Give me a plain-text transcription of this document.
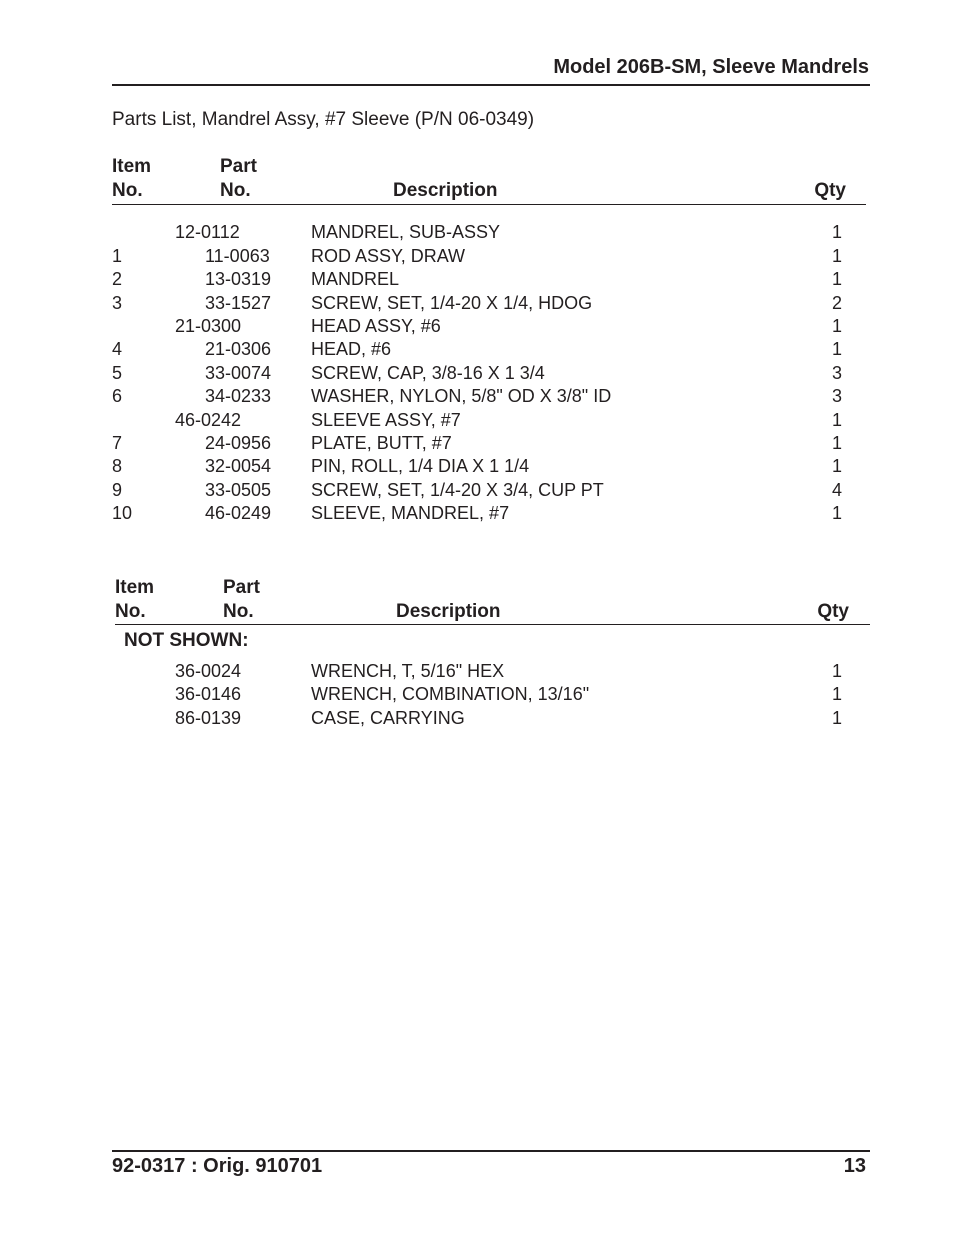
Model 206B-SM, Sleeve Mandrels
Parts List, Mandrel Assy, #7 Sleeve (P/N 06-0349)
Item
No.
Part
No.	Description	Qty
12-0112	MANDREL, SUB-ASSY	1
1	11-0063 ROD ASSY, DRAW	1
2	13-0319 MANDREL	1
3	33-1527 SCREW, SET, 1/4-20 X 1/4, HDOG	2
21-0300	HEAD ASSY, #6	1
4	21-0306 HEAD, #6	1
5	33-0074 SCREW, CAP, 3/8-16 X 1 3/4	3
6	34-0233 WASHER, NYLON, 5/8" OD X 3/8" ID	3
46-0242	SLEEVE ASSY, #7	1
7	24-0956 PLATE, BUTT, #7	1
8	32-0054 PIN, ROLL, 1/4 DIA X 1 1/4	1
9	33-0505 SCREW, SET, 1/4-20 X 3/4, CUP PT	4
10	46-0249 SLEEVE, MANDREL, #7	1
Item
No.
Part
No.	Description	Qty
NOT SHOWN:
36-0024	WRENCH, T, 5/16" HEX	1
36-0146	WRENCH, COMBINATION, 13/16"	1
86-0139	CASE, CARRYING	1
92-0317 : Orig. 910701	13
